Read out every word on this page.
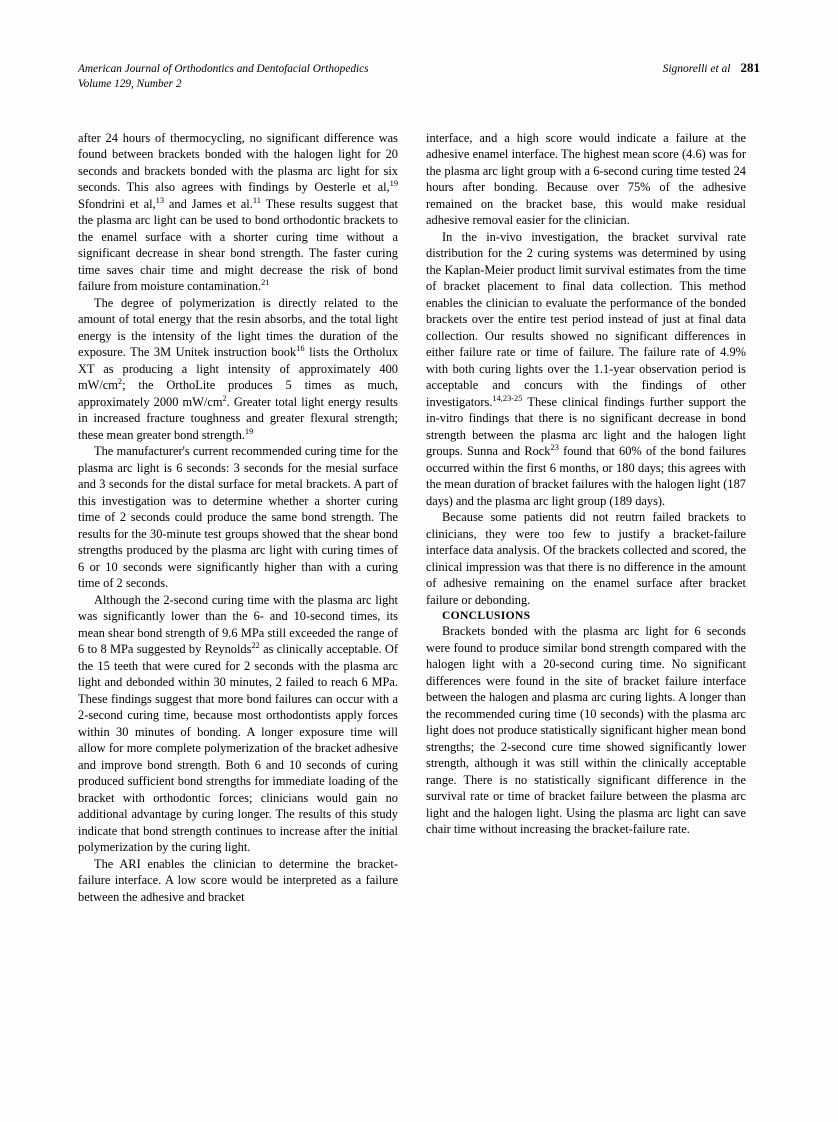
American Journal of Orthodontics and Dentofacial Orthopedics
Volume 129, Number 2
Signorelli et al 281

after 24 hours of thermocycling, no significant difference was found between brackets bonded with the halogen light for 20 seconds and brackets bonded with the plasma arc light for six seconds. This also agrees with findings by Oesterle et al,$^{19}$ Sfondrini et al,$^{13}$ and James et al.$^{11}$ These results suggest that the plasma arc light can be used to bond orthodontic brackets to the enamel surface with a shorter curing time without a significant decrease in shear bond strength. The faster curing time saves chair time and might decrease the risk of bond failure from moisture contamination.$^{21}$

The degree of polymerization is directly related to the amount of total energy that the resin absorbs, and the total light energy is the intensity of the light times the duration of the exposure. The 3M Unitek instruction book$^{16}$ lists the Ortholux XT as producing a light intensity of approximately 400 $mW/cm^2$; the OrthoLite produces 5 times as much, approximately 2000 $mW/cm^2$. Greater total light energy results in increased fracture toughness and greater flexural strength; these mean greater bond strength.$^{19}$

The manufacturer's current recommended curing time for the plasma arc light is 6 seconds: 3 seconds for the mesial surface and 3 seconds for the distal surface for metal brackets. A part of this investigation was to determine whether a shorter curing time of 2 seconds could produce the same bond strength. The results for the 30-minute test groups showed that the shear bond strengths produced by the plasma arc light with curing times of 6 or 10 seconds were significantly higher than with a curing time of 2 seconds.

Although the 2-second curing time with the plasma arc light was significantly lower than the 6- and 10-second times, its mean shear bond strength of 9.6 MPa still exceeded the range of 6 to 8 MPa suggested by Reynolds$^{22}$ as clinically acceptable. Of the 15 teeth that were cured for 2 seconds with the plasma arc light and debonded within 30 minutes, 2 failed to reach 6 MPa. These findings suggest that more bond failures can occur with a 2-second curing time, because most orthodontists apply forces within 30 minutes of bonding. A longer exposure time will allow for more complete polymerization of the bracket adhesive and improve bond strength. Both 6 and 10 seconds of curing produced sufficient bond strengths for immediate loading of the bracket with orthodontic forces; clinicians would gain no additional advantage by curing longer. The results of this study indicate that bond strength continues to increase after the initial polymerization by the curing light.

The ARI enables the clinician to determine the bracket-failure interface. A low score would be interpreted as a failure between the adhesive and bracket

interface, and a high score would indicate a failure at the adhesive enamel interface. The highest mean score (4.6) was for the plasma arc light group with a 6-second curing time tested 24 hours after bonding. Because over 75% of the adhesive remained on the bracket base, this would make residual adhesive removal easier for the clinician.

In the in-vivo investigation, the bracket survival rate distribution for the 2 curing systems was determined by using the Kaplan-Meier product limit survival estimates from the time of bracket placement to final data collection. This method enables the clinician to evaluate the performance of the bonded brackets over the entire test period instead of just at final data collection. Our results showed no significant differences in either failure rate or time of failure. The failure rate of 4.9% with both curing lights over the 1.1-year observation period is acceptable and concurs with the findings of other investigators.$^{14,23-25}$ These clinical findings further support the in-vitro findings that there is no significant decrease in bond strength between the plasma arc light and the halogen light groups. Sunna and Rock$^{23}$ found that 60% of the bond failures occurred within the first 6 months, or 180 days; this agrees with the mean duration of bracket failures with the halogen light (187 days) and the plasma arc light group (189 days).

Because some patients did not reutrn failed brackets to clinicians, they were too few to justify a bracket-failure interface data analysis. Of the brackets collected and scored, the clinical impression was that there is no difference in the amount of adhesive remaining on the enamel surface after bracket failure or debonding.

CONCLUSIONS

Brackets bonded with the plasma arc light for 6 seconds were found to produce similar bond strength compared with the halogen light with a 20-second curing time. No significant differences were found in the site of bracket failure interface between the halogen and plasma arc curing lights. A longer than the recommended curing time (10 seconds) with the plasma arc light does not produce statistically significant higher mean bond strengths; the 2-second cure time showed significantly lower strength, although it was still within the clinically acceptable range. There is no statistically significant difference in the survival rate or time of bracket failure between the plasma arc light and the halogen light. Using the plasma arc light can save chair time without increasing the bracket-failure rate.
